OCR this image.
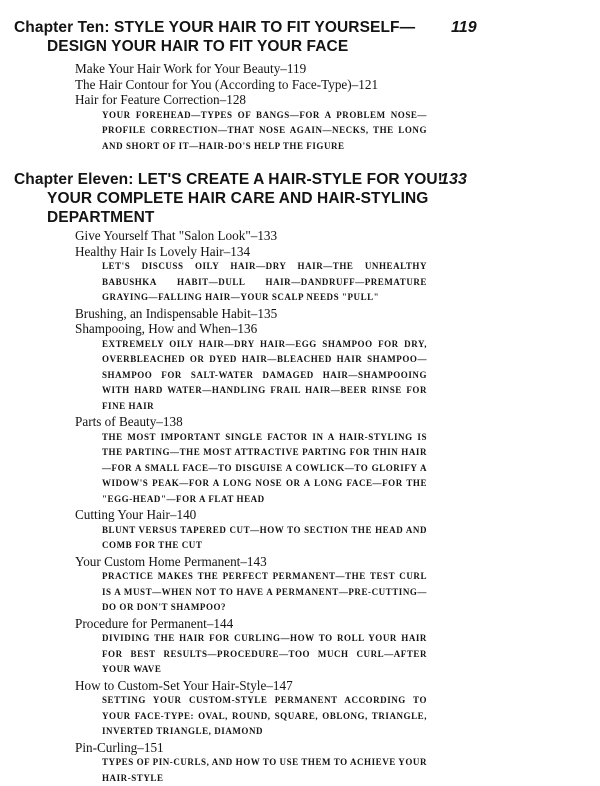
Chapter Ten: STYLE YOUR HAIR TO FIT YOURSELF—
DESIGN YOUR HAIR TO FIT YOUR FACE
119
Make Your Hair Work for Your Beauty–119
The Hair Contour for You (According to Face-Type)–121
Hair for Feature Correction–128
YOUR FOREHEAD—TYPES OF BANGS—FOR A PROBLEM NOSE—PROFILE CORRECTION—THAT NOSE AGAIN—NECKS, THE LONG AND SHORT OF IT—HAIR-DO'S HELP THE FIGURE
Chapter Eleven: LET'S CREATE A HAIR-STYLE FOR YOU!
YOUR COMPLETE HAIR CARE AND HAIR-STYLING
DEPARTMENT
133
Give Yourself That "Salon Look"–133
Healthy Hair Is Lovely Hair–134
LET'S DISCUSS OILY HAIR—DRY HAIR—THE UNHEALTHY BABUSHKA HABIT—DULL HAIR—DANDRUFF—PREMATURE GRAYING—FALLING HAIR—YOUR SCALP NEEDS "PULL"
Brushing, an Indispensable Habit–135
Shampooing, How and When–136
EXTREMELY OILY HAIR—DRY HAIR—EGG SHAMPOO FOR DRY, OVERBLEACHED OR DYED HAIR—BLEACHED HAIR SHAMPOO—SHAMPOO FOR SALT-WATER DAMAGED HAIR—SHAMPOOING WITH HARD WATER—HANDLING FRAIL HAIR—BEER RINSE FOR FINE HAIR
Parts of Beauty–138
THE MOST IMPORTANT SINGLE FACTOR IN A HAIR-STYLING IS THE PARTING—THE MOST ATTRACTIVE PARTING FOR THIN HAIR—FOR A SMALL FACE—TO DISGUISE A COWLICK—TO GLORIFY A WIDOW'S PEAK—FOR A LONG NOSE OR A LONG FACE—FOR THE "EGG-HEAD"—FOR A FLAT HEAD
Cutting Your Hair–140
BLUNT VERSUS TAPERED CUT—HOW TO SECTION THE HEAD AND COMB FOR THE CUT
Your Custom Home Permanent–143
PRACTICE MAKES THE PERFECT PERMANENT—THE TEST CURL IS A MUST—WHEN NOT TO HAVE A PERMANENT—PRE-CUTTING—DO OR DON'T SHAMPOO?
Procedure for Permanent–144
DIVIDING THE HAIR FOR CURLING—HOW TO ROLL YOUR HAIR FOR BEST RESULTS—PROCEDURE—TOO MUCH CURL—AFTER YOUR WAVE
How to Custom-Set Your Hair-Style–147
SETTING YOUR CUSTOM-STYLE PERMANENT ACCORDING TO YOUR FACE-TYPE: OVAL, ROUND, SQUARE, OBLONG, TRIANGLE, INVERTED TRIANGLE, DIAMOND
Pin-Curling–151
TYPES OF PIN-CURLS, AND HOW TO USE THEM TO ACHIEVE YOUR HAIR-STYLE
